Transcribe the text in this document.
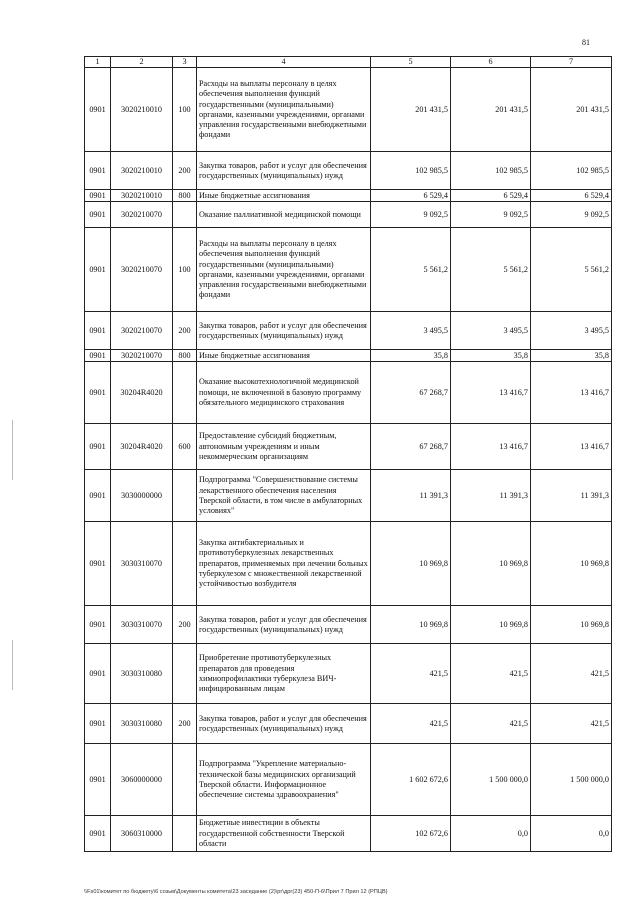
81
1	2	3	4	5	6	7
0901	3020210010	100	Расходы на выплаты персоналу в целях обеспечения выполнения функций государственными (муниципальными) органами, казенными учреждениями, органами управления государственными внебюджетными фондами	201 431,5	201 431,5	201 431,5
0901	3020210010	200	Закупка товаров, работ и услуг для обеспечения государственных (муниципальных) нужд	102 985,5	102 985,5	102 985,5
0901	3020210010	800	Иные бюджетные ассигнования	6 529,4	6 529,4	6 529,4
0901	3020210070		Оказание паллиативной медицинской помощи	9 092,5	9 092,5	9 092,5
0901	3020210070	100	Расходы на выплаты персоналу в целях обеспечения выполнения функций государственными (муниципальными) органами, казенными учреждениями, органами управления государственными внебюджетными фондами	5 561,2	5 561,2	5 561,2
0901	3020210070	200	Закупка товаров, работ и услуг для обеспечения государственных (муниципальных) нужд	3 495,5	3 495,5	3 495,5
0901	3020210070	800	Иные бюджетные ассигнования	35,8	35,8	35,8
0901	30204R4020		Оказание высокотехнологичной медицинской помощи, не включенной в базовую программу обязательного медицинского страхования	67 268,7	13 416,7	13 416,7
0901	30204R4020	600	Предоставление субсидий бюджетным, автономным учреждениям и иным некоммерческим организациям	67 268,7	13 416,7	13 416,7
0901	3030000000		Подпрограмма "Совершенствование системы лекарственного обеспечения населения Тверской области, в том числе в амбулаторных условиях"	11 391,3	11 391,3	11 391,3
0901	3030310070		Закупка антибактериальных и противотуберкулезных лекарственных препаратов, применяемых при лечении больных туберкулезом с множественной лекарственной устойчивостью возбудителя	10 969,8	10 969,8	10 969,8
0901	3030310070	200	Закупка товаров, работ и услуг для обеспечения государственных (муниципальных) нужд	10 969,8	10 969,8	10 969,8
0901	3030310080		Приобретение противотуберкулезных препаратов для проведения химиопрофилактики туберкулеза ВИЧ-инфицированным лицам	421,5	421,5	421,5
0901	3030310080	200	Закупка товаров, работ и услуг для обеспечения государственных (муниципальных) нужд	421,5	421,5	421,5
0901	3060000000		Подпрограмма "Укрепление материально-технической базы медицинских организаций Тверской области. Информационное обеспечение системы здравоохранения"	1 602 672,6	1 500 000,0	1 500 000,0
0901	3060310000		Бюджетные инвестиции в объекты государственной собственности Тверской области	102 672,6	0,0	0,0
\\Fs01\комитет по бюджету\6 созыв\Документы комитета\23 заседание (2)\рг\дрг(23) 450-П-6\Прил 7 Прил 12 (РПЦВ)
